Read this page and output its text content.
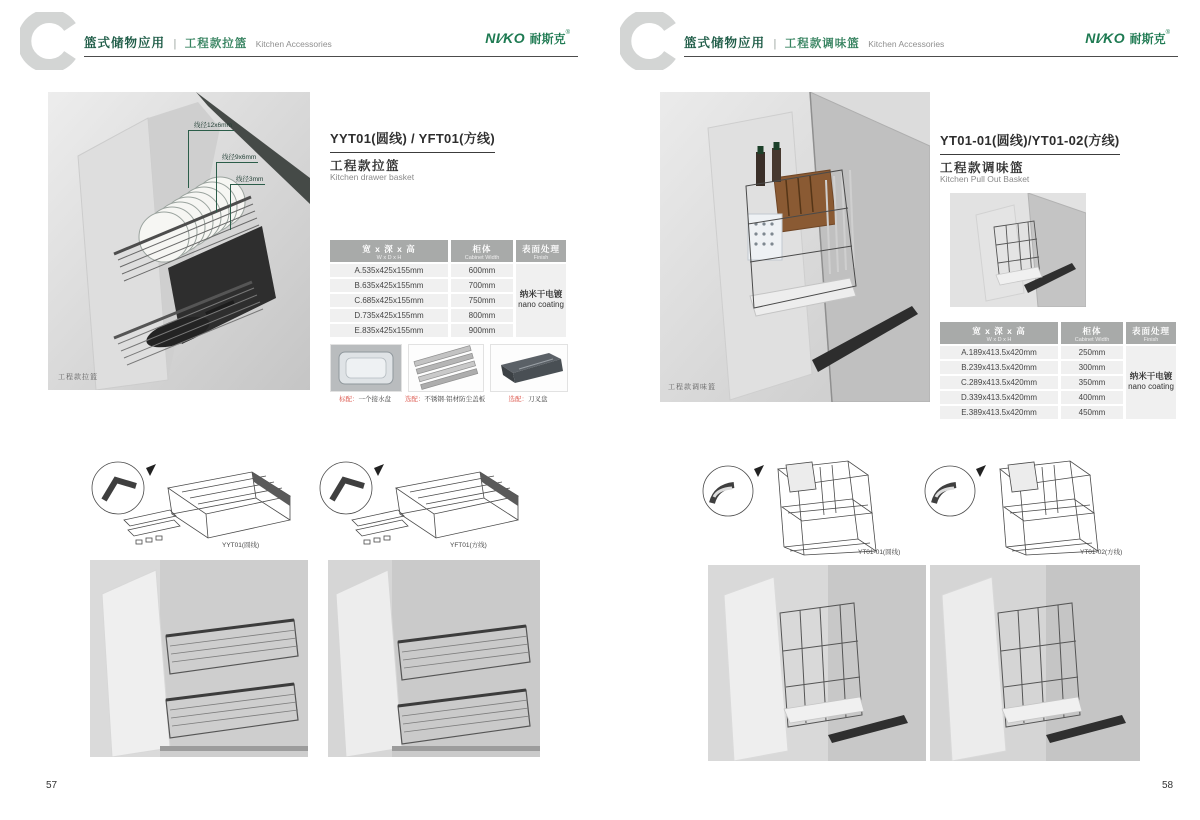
篮式储物应用 | 工程款拉篮 Kitchen Accessories	NI∕KO 耐斯克®
线径12x6mm
线径9x6mm
线径3mm
工程款拉篮
YYT01(圆线) / YFT01(方线)
工程款拉篮
Kitchen drawer basket
宽 x 深 x 高
W x D x H
柜体
Cabinet Width
表面处理
Finish
A.535x425x155mm	600mm
B.635x425x155mm	700mm
C.685x425x155mm	750mm
D.735x425x155mm	800mm
E.835x425x155mm	900mm
纳米干电镀
nano coating
标配：一个接水盘	选配：不锈钢·铝材防尘盖板	选配：刀叉盘
YYT01(圆线)	YFT01(方线)
57
篮式储物应用 | 工程款调味篮 Kitchen Accessories	NI∕KO 耐斯克®
工程款调味篮
YT01-01(圆线)/YT01-02(方线)
工程款调味篮
Kitchen Pull Out Basket
宽 x 深 x 高
W x D x H
柜体
Cabinet Width
表面处理
Finish
A.189x413.5x420mm	250mm
B.239x413.5x420mm	300mm
C.289x413.5x420mm	350mm
D.339x413.5x420mm	400mm
E.389x413.5x420mm	450mm
纳米干电镀
nano coating
YT01-01(圆线)	YT01-02(方线)
58
